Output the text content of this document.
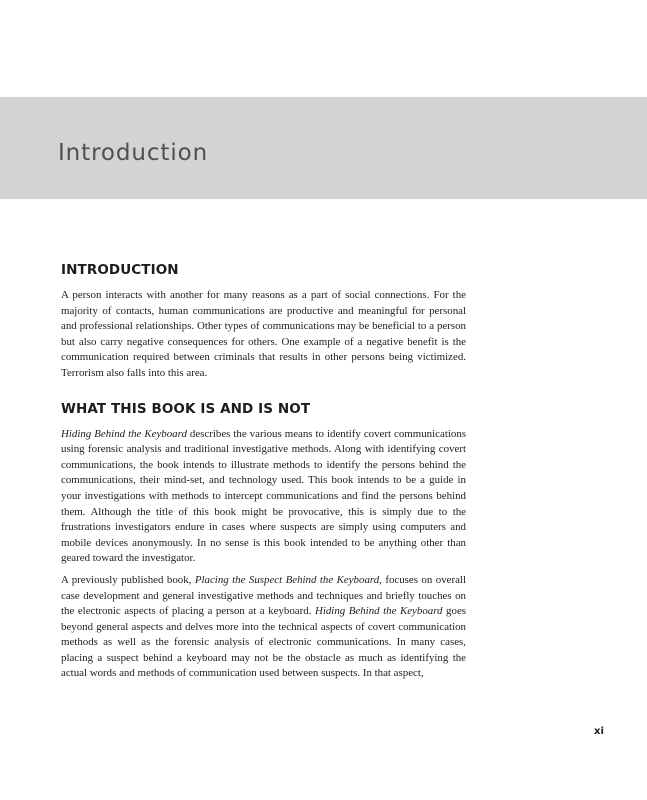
Introduction
INTRODUCTION

A person interacts with another for many reasons as a part of social connections. For the majority of contacts, human communications are productive and meaningful for personal and professional relationships. Other types of communications may be beneficial to a person but also carry negative consequences for others. One example of a negative benefit is the communication required between criminals that results in other persons being victimized. Terrorism also falls into this area.

WHAT THIS BOOK IS AND IS NOT

Hiding Behind the Keyboard describes the various means to identify covert communications using forensic analysis and traditional investigative methods. Along with identifying covert communications, the book intends to illustrate methods to identify the persons behind the communications, their mind-set, and technology used. This book intends to be a guide in your investigations with methods to intercept communications and find the persons behind them. Although the title of this book might be provocative, this is simply due to the frustrations investigators endure in cases where suspects are simply using computers and mobile devices anonymously. In no sense is this book intended to be anything other than geared toward the investigator.

A previously published book, Placing the Suspect Behind the Keyboard, focuses on overall case development and general investigative methods and techniques and briefly touches on the electronic aspects of placing a person at a keyboard. Hiding Behind the Keyboard goes beyond general aspects and delves more into the technical aspects of covert communication methods as well as the forensic analysis of electronic communications. In many cases, placing a suspect behind a keyboard may not be the obstacle as much as identifying the actual words and methods of communication used between suspects. In that aspect,

xi
